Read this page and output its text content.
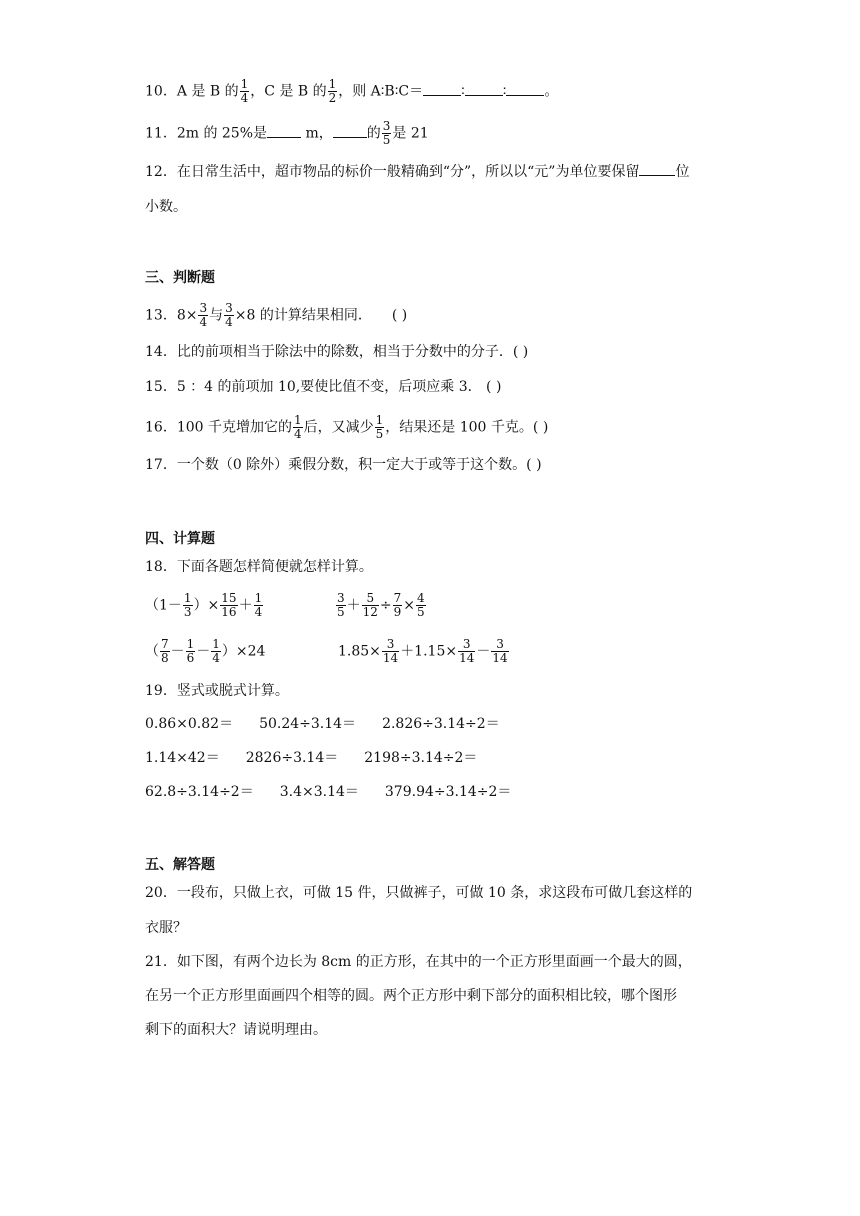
10．A 是 B 的 $\frac{1}{4}$ ，C 是 B 的 $\frac{1}{2}$ ，则 A∶B∶C＝	∶	∶	。
11．2m 的 25%是	m， 的 $\frac{3}{5}$ 是 21
12．在日常生活中，超市物品的标价一般精确到“分”，所以以“元”为单位要保留	位
小数。
三、判断题
13．$8\times \frac{3}{4}$ 与 $\frac{3}{4} \times 8$ 的计算结果相同． ( )
14．比的前项相当于除法中的除数，相当于分数中的分子．( )
15．5 ：4 的前项加 10,要使比值不变，后项应乘 3． ( )
16．100 千克增加它的 $\frac{1}{4}$ 后，又减少 $\frac{1}{5}$ ，结果还是 100 千克。( )
17．一个数（0 除外）乘假分数，积一定大于或等于这个数。( )
四、计算题
18．下面各题怎样简便就怎样计算。
（$1- \frac{1}{3}$ ）× $\frac{15}{16} + \frac{1}{4}$	$\frac{3}{5} + \frac{5}{12} \div \frac{7}{9} \times \frac{4}{5}$
（ $\frac{7}{8} - \frac{1}{6} - \frac{1}{4} )\times 24$	$1.85\times \frac{3}{14} +1.15\times \frac{3}{14} - \frac{3}{14}$
19．竖式或脱式计算。
0.86×0.82＝ 50.24÷3.14＝ 2.826÷3.14÷2＝
1.14×42＝ 2826÷3.14＝ 2198÷3.14÷2＝
62.8÷3.14÷2＝ 3.4×3.14＝ 379.94÷3.14÷2＝
五、解答题
20．一段布，只做上衣，可做 15 件，只做裤子，可做 10 条，求这段布可做几套这样的
衣服？
21．如下图，有两个边长为 8cm 的正方形，在其中的一个正方形里面画一个最大的圆，
在另一个正方形里面画四个相等的圆。两个正方形中剩下部分的面积相比较，哪个图形
剩下的面积大？请说明理由。
